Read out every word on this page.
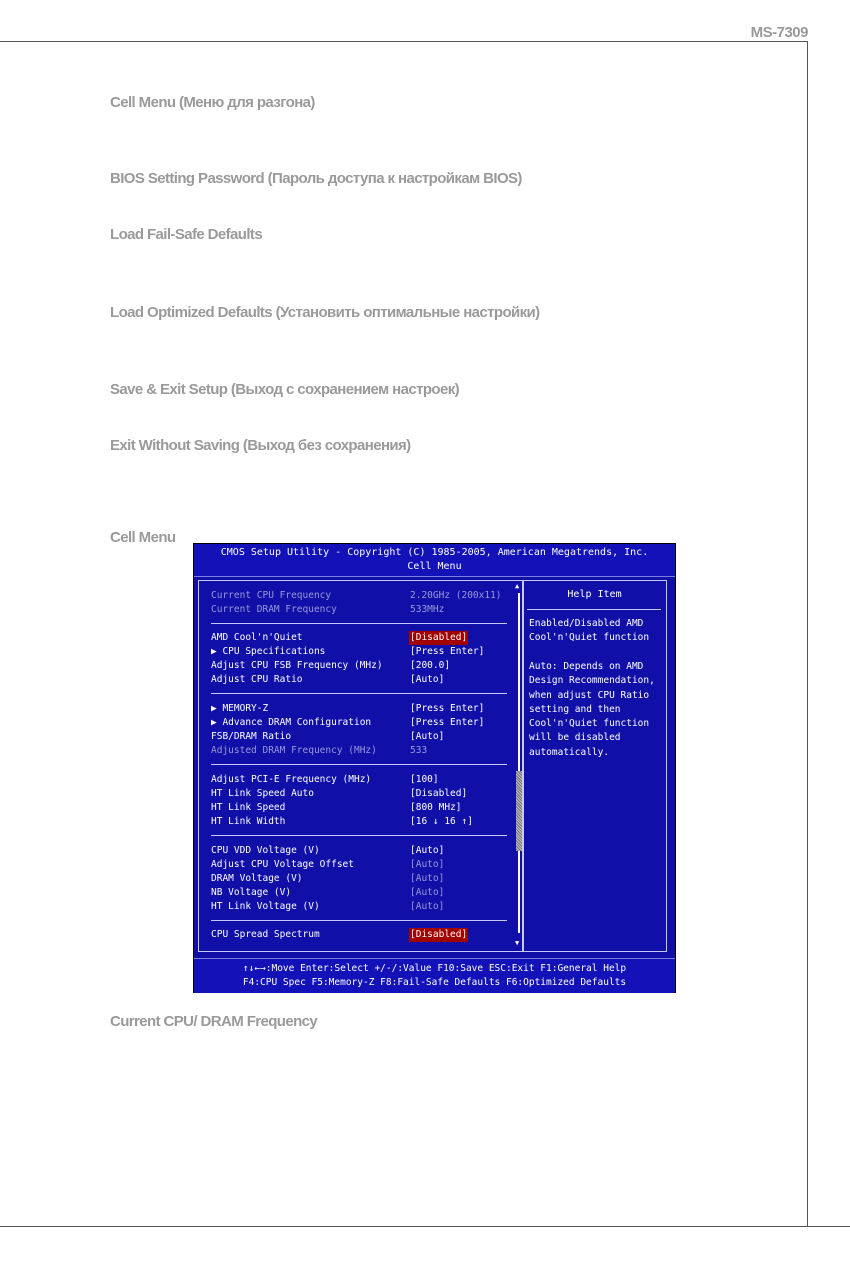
MS-7309
Cell Menu (Меню для разгона)
BIOS Setting Password (Пароль доступа к настройкам BIOS)
Load Fail-Safe Defaults
Load Optimized Defaults (Установить оптимальные настройки)
Save & Exit Setup (Выход с сохранением настроек)
Exit Without Saving (Выход без сохранения)
Cell Menu
Current CPU/ DRAM Frequency
CMOS Setup Utility - Copyright (C) 1985-2005, American Megatrends, Inc.
Cell Menu
Current CPU Frequency	2.20GHz (200x11)
Current DRAM Frequency	533MHz
AMD Cool'n'Quiet	[Disabled]
▶ CPU Specifications	[Press Enter]
Adjust CPU FSB Frequency (MHz)	[200.0]
Adjust CPU Ratio	[Auto]
▶ MEMORY-Z	[Press Enter]
▶ Advance DRAM Configuration	[Press Enter]
FSB/DRAM Ratio	[Auto]
Adjusted DRAM Frequency (MHz)	533
Adjust PCI-E Frequency (MHz)	[100]
HT Link Speed Auto	[Disabled]
HT Link Speed	[800 MHz]
HT Link Width	[16 ↓ 16 ↑]
CPU VDD Voltage (V)	[Auto]
Adjust CPU Voltage Offset	[Auto]
DRAM Voltage (V)	[Auto]
NB Voltage (V)	[Auto]
HT Link Voltage (V)	[Auto]
CPU Spread Spectrum	[Disabled]
▲
▼
Help Item
Enabled/Disabled AMD
Cool'n'Quiet function
Auto: Depends on AMD
Design Recommendation,
when adjust CPU Ratio
setting and then
Cool'n'Quiet function
will be disabled
automatically.
↑↓←→:Move Enter:Select +/-/:Value F10:Save ESC:Exit F1:General Help
F4:CPU Spec F5:Memory-Z F8:Fail-Safe Defaults F6:Optimized Defaults
